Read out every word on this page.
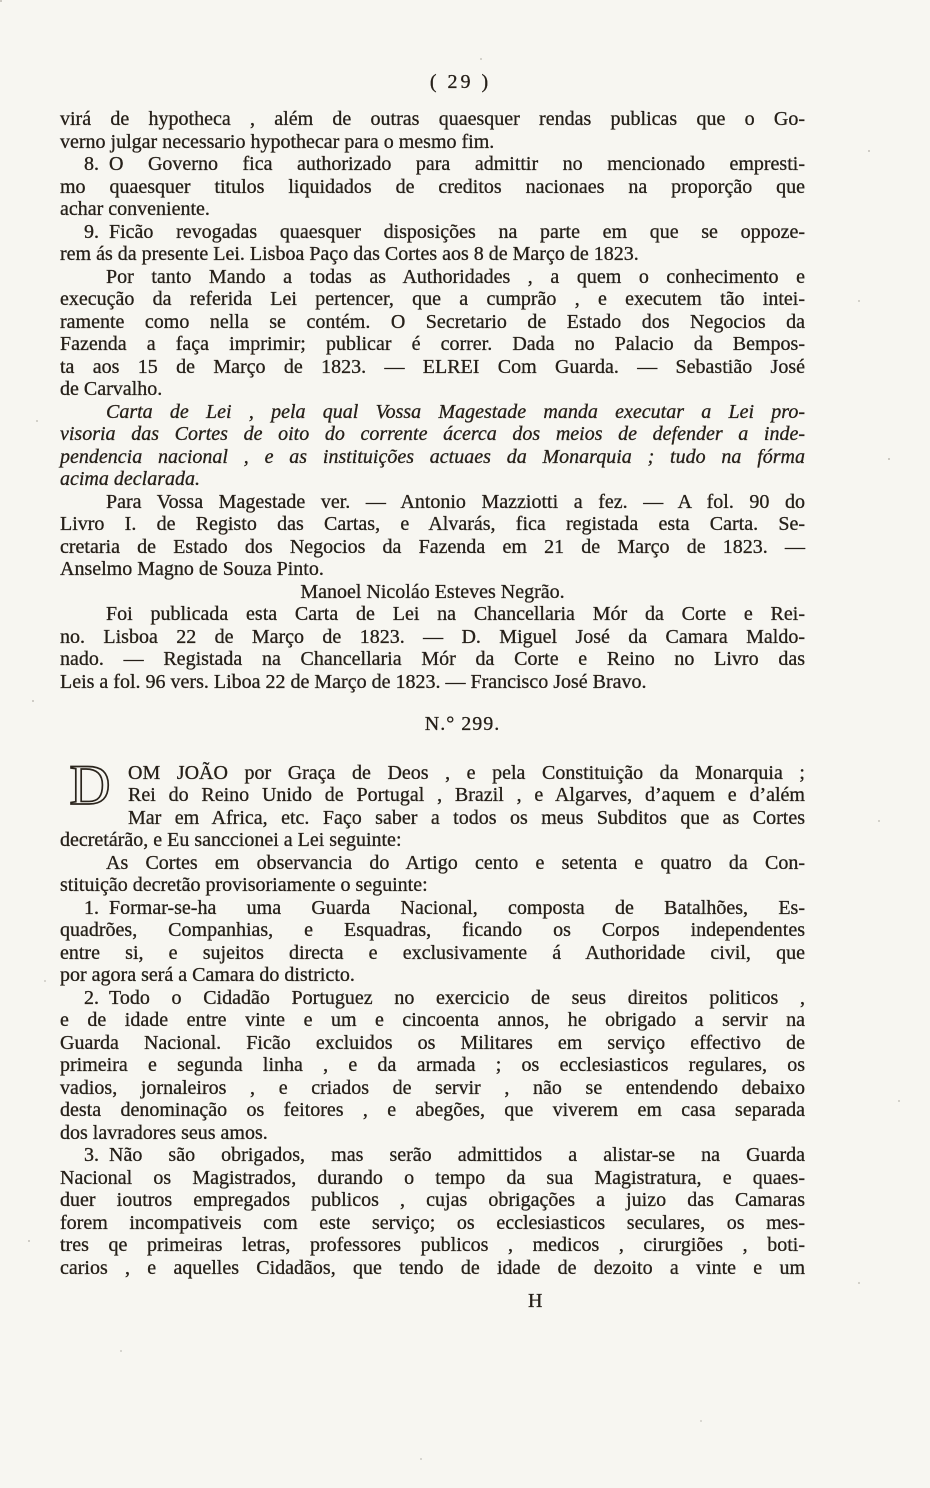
( 29 )
virá de hypotheca , além de outras quaesquer rendas publicas que o Go-
verno julgar necessario hypothecar para o mesmo fim.
8. O Governo fica authorizado para admittir no mencionado empresti-
mo quaesquer titulos liquidados de creditos nacionaes na proporção que
achar conveniente.
9. Ficão revogadas quaesquer disposições na parte em que se oppoze-
rem ás da presente Lei. Lisboa Paço das Cortes aos 8 de Março de 1823.
Por tanto Mando a todas as Authoridades , a quem o conhecimento e
execução da referida Lei pertencer, que a cumprão , e executem tão intei-
ramente como nella se contém. O Secretario de Estado dos Negocios da
Fazenda a faça imprimir; publicar é correr. Dada no Palacio da Bempos-
ta aos 15 de Março de 1823. — ELREI Com Guarda. — Sebastião José
de Carvalho.
Carta de Lei , pela qual Vossa Magestade manda executar a Lei pro-
visoria das Cortes de oito do corrente ácerca dos meios de defender a inde-
pendencia nacional , e as instituições actuaes da Monarquia ; tudo na fórma
acima declarada.
Para Vossa Magestade ver. — Antonio Mazziotti a fez. — A fol. 90 do
Livro I. de Registo das Cartas, e Alvarás, fica registada esta Carta. Se-
cretaria de Estado dos Negocios da Fazenda em 21 de Março de 1823. —
Anselmo Magno de Souza Pinto.
Manoel Nicoláo Esteves Negrão.
Foi publicada esta Carta de Lei na Chancellaria Mór da Corte e Rei-
no. Lisboa 22 de Março de 1823. — D. Miguel José da Camara Maldo-
nado. — Registada na Chancellaria Mór da Corte e Reino no Livro das
Leis a fol. 96 vers. Liboa 22 de Março de 1823. — Francisco José Bravo.
N.° 299.
D OM JOÃO por Graça de Deos , e pela Constituição da Monarquia ;
Rei do Reino Unido de Portugal , Brazil , e Algarves, d’aquem e d’além
Mar em Africa, etc. Faço saber a todos os meus Subditos que as Cortes
decretárão, e Eu sanccionei a Lei seguinte:
As Cortes em observancia do Artigo cento e setenta e quatro da Con-
stituição decretão provisoriamente o seguinte:
1. Formar-se-ha uma Guarda Nacional, composta de Batalhões, Es-
quadrões, Companhias, e Esquadras, ficando os Corpos independentes
entre si, e sujeitos directa e exclusivamente á Authoridade civil, que
por agora será a Camara do districto.
2. Todo o Cidadão Portuguez no exercicio de seus direitos politicos ,
e de idade entre vinte e um e cincoenta annos, he obrigado a servir na
Guarda Nacional. Ficão excluidos os Militares em serviço effectivo de
primeira e segunda linha , e da armada ; os ecclesiasticos regulares, os
vadios, jornaleiros , e criados de servir , não se entendendo debaixo
desta denominação os feitores , e abegões, que viverem em casa separada
dos lavradores seus amos.
3. Não são obrigados, mas serão admittidos a alistar-se na Guarda
Nacional os Magistrados, durando o tempo da sua Magistratura, e quaes-
duer ioutros empregados publicos , cujas obrigações a juizo das Camaras
forem incompativeis com este serviço; os ecclesiasticos seculares, os mes-
tres qe primeiras letras, professores publicos , medicos , cirurgiões , boti-
carios , e aquelles Cidadãos, que tendo de idade de dezoito a vinte e um
H
